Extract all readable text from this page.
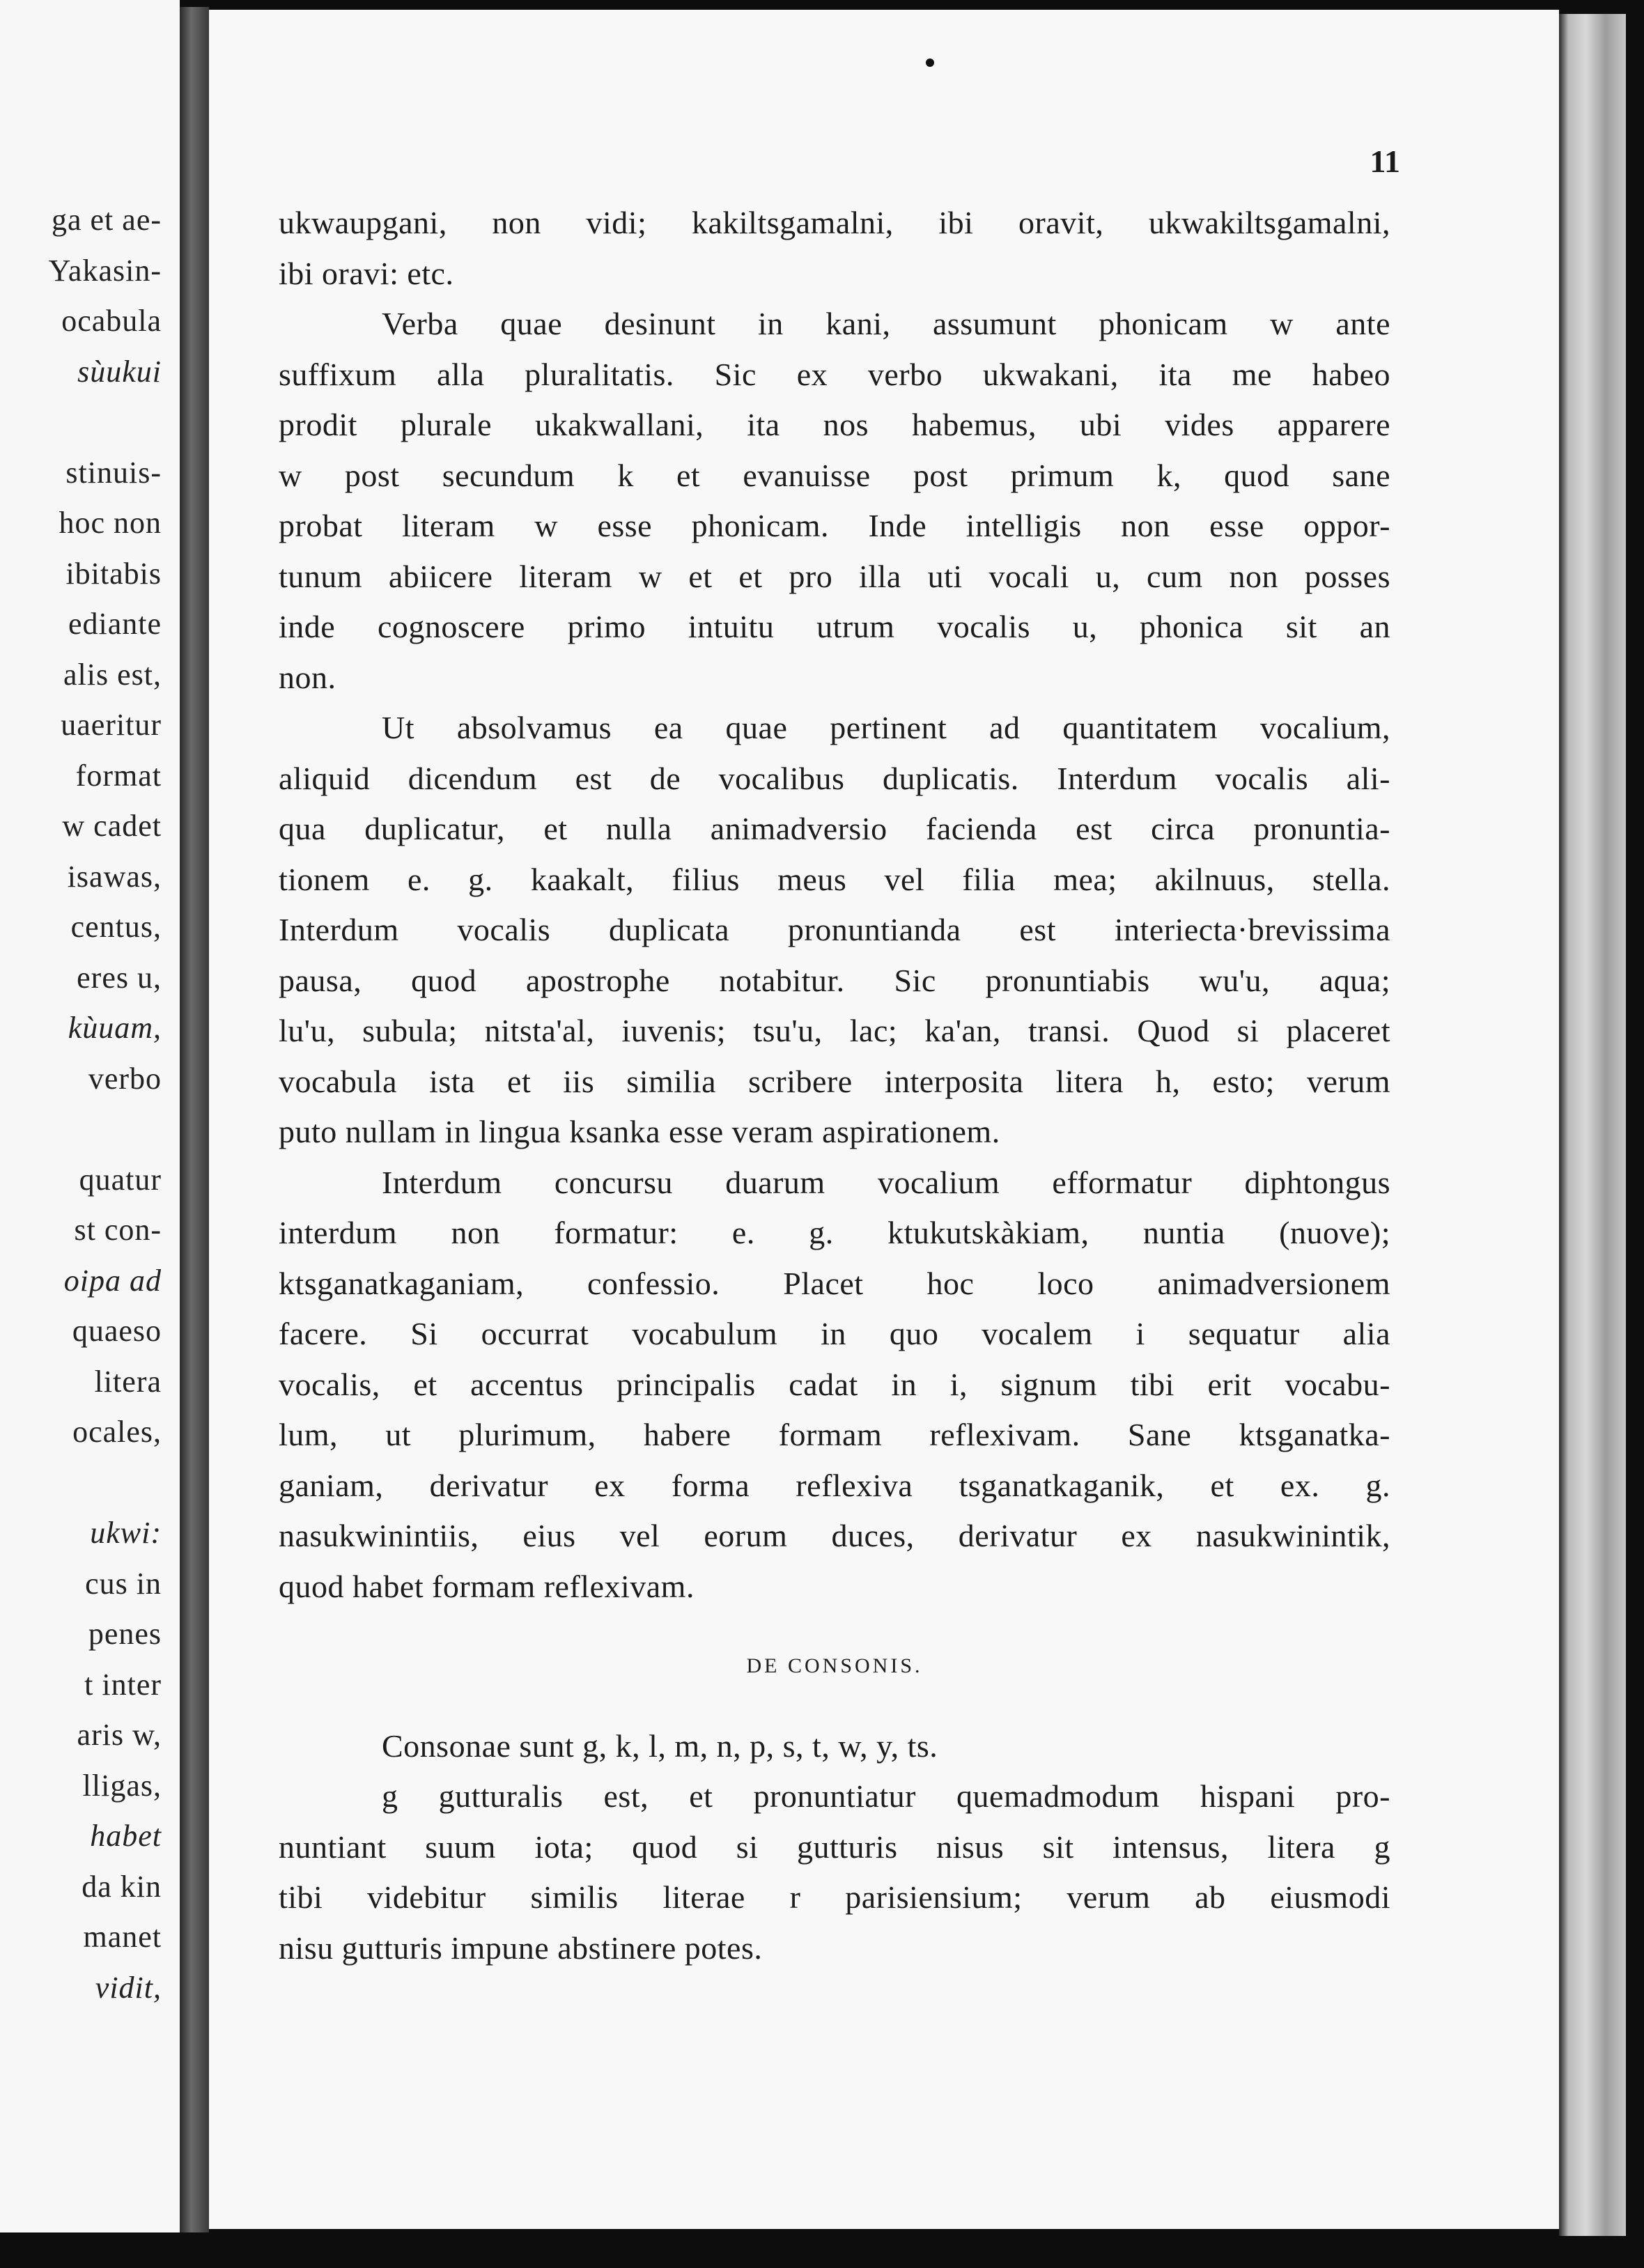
ga et ae-
Yakasin-
ocabula
sùukui
stinuis-
hoc non
ibitabis
ediante
alis est,
uaeritur
format
w cadet
isawas,
centus,
eres u,
kùuam,
verbo
quatur
st con-
oipa ad
quaeso
litera
ocales,
ukwi:
cus in
penes
t inter
aris w,
lligas,
habet
da kin
manet
vidit,
11
ukwaupgani, non vidi; kakiltsgamalni, ibi oravit, ukwakiltsgamalni,
ibi oravi: etc.
Verba quae desinunt in kani, assumunt phonicam w ante
suffixum alla pluralitatis. Sic ex verbo ukwakani, ita me habeo
prodit plurale ukakwallani, ita nos habemus, ubi vides apparere
w post secundum k et evanuisse post primum k, quod sane
probat literam w esse phonicam. Inde intelligis non esse oppor-
tunum abiicere literam w et et pro illa uti vocali u, cum non posses
inde cognoscere primo intuitu utrum vocalis u, phonica sit an
non.
Ut absolvamus ea quae pertinent ad quantitatem vocalium,
aliquid dicendum est de vocalibus duplicatis. Interdum vocalis ali-
qua duplicatur, et nulla animadversio facienda est circa pronuntia-
tionem e. g. kaakalt, filius meus vel filia mea; akilnuus, stella.
Interdum vocalis duplicata pronuntianda est interiecta·brevissima
pausa, quod apostrophe notabitur. Sic pronuntiabis wu'u, aqua;
lu'u, subula; nitsta'al, iuvenis; tsu'u, lac; ka'an, transi. Quod si placeret
vocabula ista et iis similia scribere interposita litera h, esto; verum
puto nullam in lingua ksanka esse veram aspirationem.
Interdum concursu duarum vocalium efformatur diphtongus
interdum non formatur: e. g. ktukutskàkiam, nuntia (nuove);
ktsganatkaganiam, confessio. Placet hoc loco animadversionem
facere. Si occurrat vocabulum in quo vocalem i sequatur alia
vocalis, et accentus principalis cadat in i, signum tibi erit vocabu-
lum, ut plurimum, habere formam reflexivam. Sane ktsganatka-
ganiam, derivatur ex forma reflexiva tsganatkaganik, et ex. g.
nasukwinintiis, eius vel eorum duces, derivatur ex nasukwinintik,
quod habet formam reflexivam.
DE CONSONIS.
Consonae sunt g, k, l, m, n, p, s, t, w, y, ts.
g gutturalis est, et pronuntiatur quemadmodum hispani pro-
nuntiant suum iota; quod si gutturis nisus sit intensus, litera g
tibi videbitur similis literae r parisiensium; verum ab eiusmodi
nisu gutturis impune abstinere potes.
